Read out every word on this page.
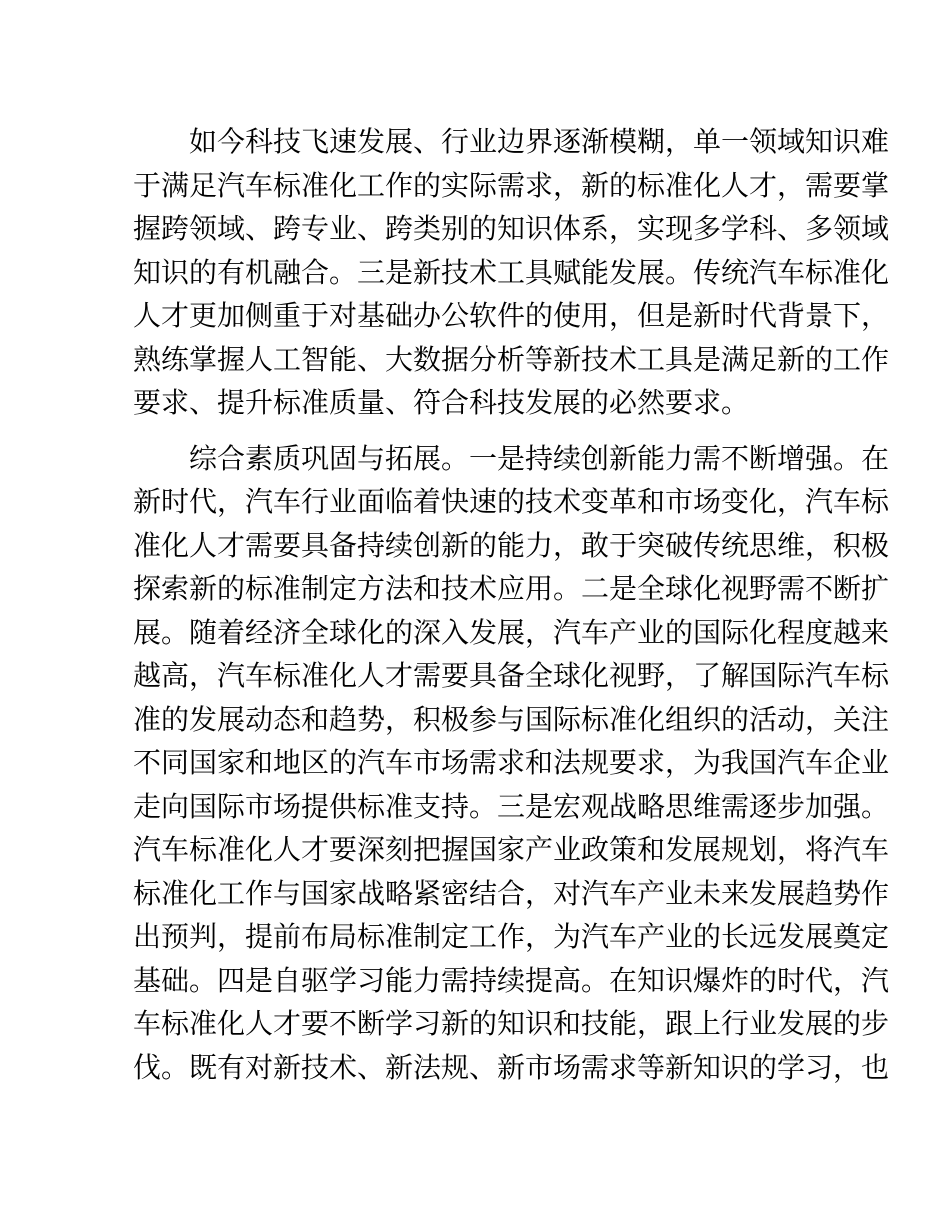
如今科技飞速发展、行业边界逐渐模糊，单一领域知识难
于满足汽车标准化工作的实际需求，新的标准化人才，需要掌
握跨领域、跨专业、跨类别的知识体系，实现多学科、多领域
知识的有机融合。三是新技术工具赋能发展。传统汽车标准化
人才更加侧重于对基础办公软件的使用，但是新时代背景下，
熟练掌握人工智能、大数据分析等新技术工具是满足新的工作
要求、提升标准质量、符合科技发展的必然要求。
综合素质巩固与拓展。一是持续创新能力需不断增强。在
新时代，汽车行业面临着快速的技术变革和市场变化，汽车标
准化人才需要具备持续创新的能力，敢于突破传统思维，积极
探索新的标准制定方法和技术应用。二是全球化视野需不断扩
展。随着经济全球化的深入发展，汽车产业的国际化程度越来
越高，汽车标准化人才需要具备全球化视野，了解国际汽车标
准的发展动态和趋势，积极参与国际标准化组织的活动，关注
不同国家和地区的汽车市场需求和法规要求，为我国汽车企业
走向国际市场提供标准支持。三是宏观战略思维需逐步加强。
汽车标准化人才要深刻把握国家产业政策和发展规划，将汽车
标准化工作与国家战略紧密结合，对汽车产业未来发展趋势作
出预判，提前布局标准制定工作，为汽车产业的长远发展奠定
基础。四是自驱学习能力需持续提高。在知识爆炸的时代，汽
车标准化人才要不断学习新的知识和技能，跟上行业发展的步
伐。既有对新技术、新法规、新市场需求等新知识的学习，也
